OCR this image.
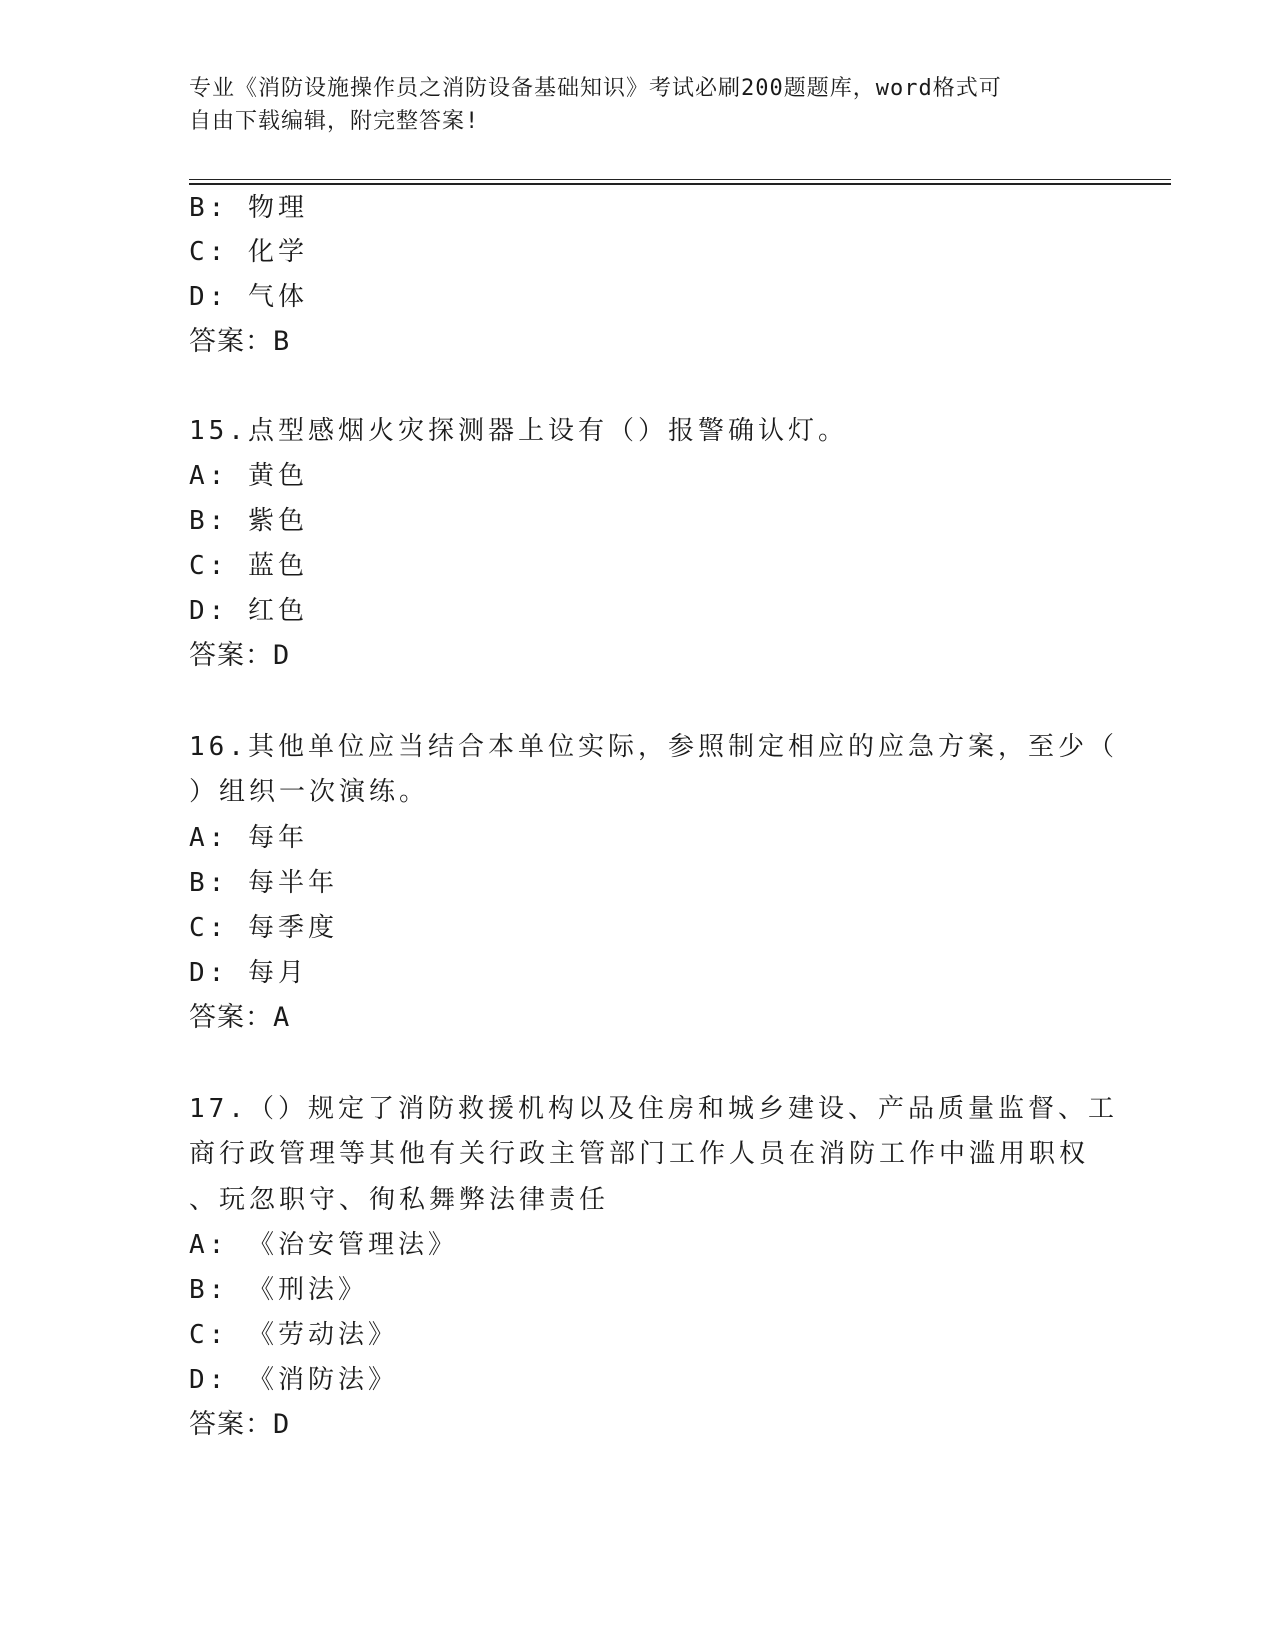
专业《消防设施操作员之消防设备基础知识》考试必刷200题题库，word格式可
自由下载编辑，附完整答案!
B: 物理
C: 化学
D: 气体
答案：B
15.点型感烟火灾探测器上设有（）报警确认灯。
A: 黄色
B: 紫色
C: 蓝色
D: 红色
答案：D
16.其他单位应当结合本单位实际，参照制定相应的应急方案，至少（
）组织一次演练。
A: 每年
B: 每半年
C: 每季度
D: 每月
答案：A
17.（）规定了消防救援机构以及住房和城乡建设、产品质量监督、工
商行政管理等其他有关行政主管部门工作人员在消防工作中滥用职权
、玩忽职守、徇私舞弊法律责任
A: 《治安管理法》
B: 《刑法》
C: 《劳动法》
D: 《消防法》
答案：D
